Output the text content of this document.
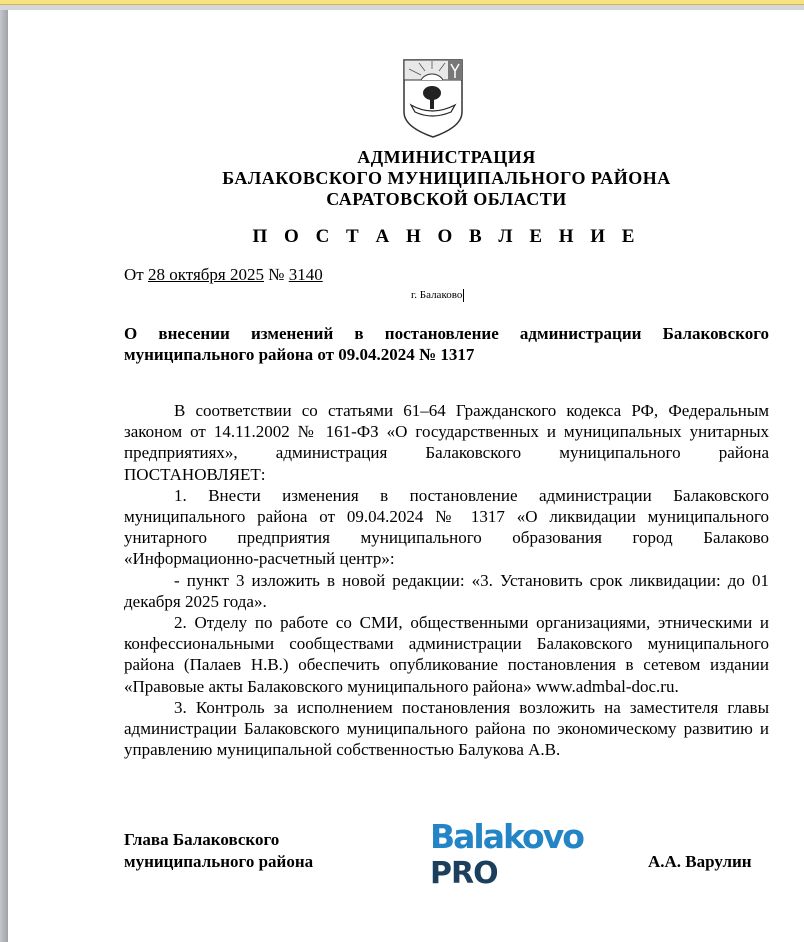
АДМИНИСТРАЦИЯ
БАЛАКОВСКОГО МУНИЦИПАЛЬНОГО РАЙОНА
САРАТОВСКОЙ ОБЛАСТИ
П О С Т А Н О В Л Е Н И Е
От 28 октября 2025 № 3140
г. Балаково
О внесении изменений в постановление администрации Балаковского муниципального района от 09.04.2024 № 1317

В соответствии со статьями 61–64 Гражданского кодекса РФ, Федеральным законом от 14.11.2002 № 161-ФЗ «О государственных и муниципальных унитарных предприятиях», администрация Балаковского муниципального района ПОСТАНОВЛЯЕТ:

1. Внести изменения в постановление администрации Балаковского муниципального района от 09.04.2024 № 1317 «О ликвидации муниципального унитарного предприятия муниципального образования город Балаково «Информационно-расчетный центр»:

- пункт 3 изложить в новой редакции: «3. Установить срок ликвидации: до 01 декабря 2025 года».

2. Отделу по работе со СМИ, общественными организациями, этническими и конфессиональными сообществами администрации Балаковского муниципального района (Палаев Н.В.) обеспечить опубликование постановления в сетевом издании «Правовые акты Балаковского муниципального района» www.admbal-doc.ru.

3. Контроль за исполнением постановления возложить на заместителя главы администрации Балаковского муниципального района по экономическому развитию и управлению муниципальной собственностью Балукова А.В.

Глава Балаковского
муниципального района	А.А. Варулин
Balakovo
PRO
